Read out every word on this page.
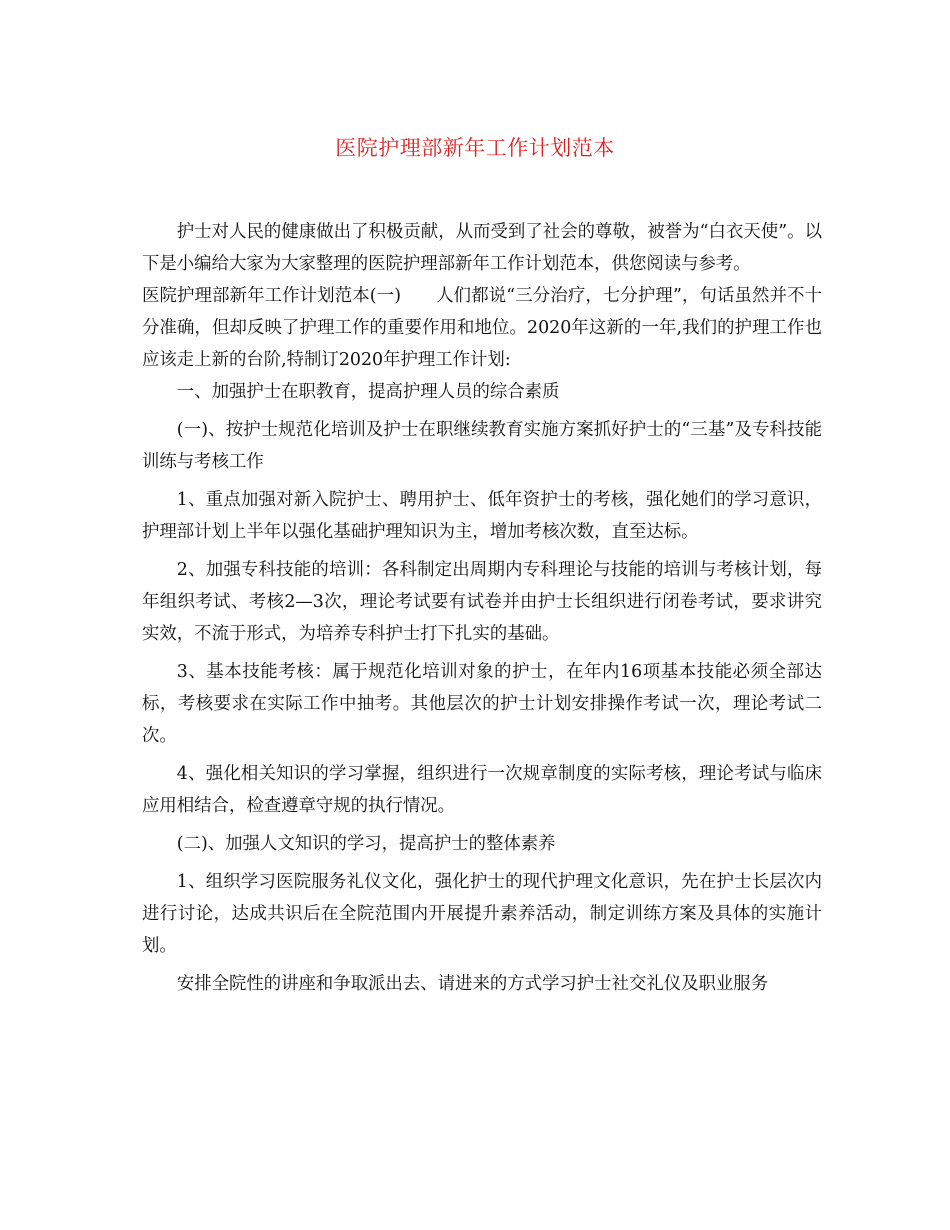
医院护理部新年工作计划范本

护士对人民的健康做出了积极贡献，从而受到了社会的尊敬，被誉为“白衣天使”。以下是小编给大家为大家整理的医院护理部新年工作计划范本，供您阅读与参考。

医院护理部新年工作计划范本(一)　　人们都说“三分治疗，七分护理”，句话虽然并不十分准确，但却反映了护理工作的重要作用和地位。2020年这新的一年,我们的护理工作也应该走上新的台阶,特制订2020年护理工作计划:

一、加强护士在职教育，提高护理人员的综合素质

(一)、按护士规范化培训及护士在职继续教育实施方案抓好护士的“三基”及专科技能训练与考核工作

1、重点加强对新入院护士、聘用护士、低年资护士的考核，强化她们的学习意识，护理部计划上半年以强化基础护理知识为主，增加考核次数，直至达标。

2、加强专科技能的培训：各科制定出周期内专科理论与技能的培训与考核计划，每年组织考试、考核2—3次，理论考试要有试卷并由护士长组织进行闭卷考试，要求讲究实效，不流于形式，为培养专科护士打下扎实的基础。

3、基本技能考核：属于规范化培训对象的护士，在年内16项基本技能必须全部达标，考核要求在实际工作中抽考。其他层次的护士计划安排操作考试一次，理论考试二次。

4、强化相关知识的学习掌握，组织进行一次规章制度的实际考核，理论考试与临床应用相结合，检查遵章守规的执行情况。

(二)、加强人文知识的学习，提高护士的整体素养

1、组织学习医院服务礼仪文化，强化护士的现代护理文化意识，先在护士长层次内进行讨论，达成共识后在全院范围内开展提升素养活动，制定训练方案及具体的实施计划。

安排全院性的讲座和争取派出去、请进来的方式学习护士社交礼仪及职业服务
